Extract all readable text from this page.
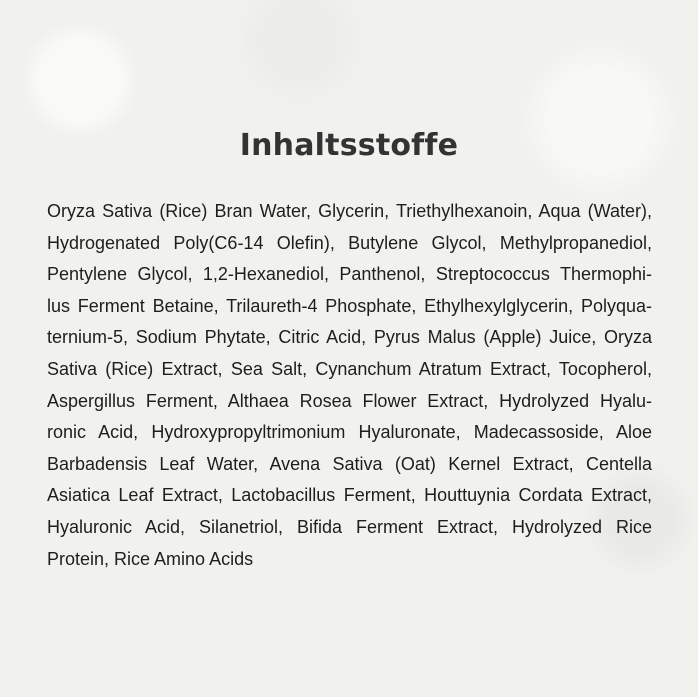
Inhaltsstoffe
Oryza Sativa (Rice) Bran Water, Glycerin, Triethylhexanoin, Aqua (Water),
Hydrogenated Poly(C6-14 Olefin), Butylene Glycol, Methylpropanediol,
Pentylene Glycol, 1,2-Hexanediol, Panthenol, Streptococcus Thermophi-
lus Ferment Betaine, Trilaureth-4 Phosphate, Ethylhexylglycerin, Polyqua-
ternium-5, Sodium Phytate, Citric Acid, Pyrus Malus (Apple) Juice, Oryza
Sativa (Rice) Extract, Sea Salt, Cynanchum Atratum Extract, Tocopherol,
Aspergillus Ferment, Althaea Rosea Flower Extract, Hydrolyzed Hyalu-
ronic Acid, Hydroxypropyltrimonium Hyaluronate, Madecassoside, Aloe
Barbadensis Leaf Water, Avena Sativa (Oat) Kernel Extract, Centella
Asiatica Leaf Extract, Lactobacillus Ferment, Houttuynia Cordata Extract,
Hyaluronic Acid, Silanetriol, Bifida Ferment Extract, Hydrolyzed Rice
Protein, Rice Amino Acids
